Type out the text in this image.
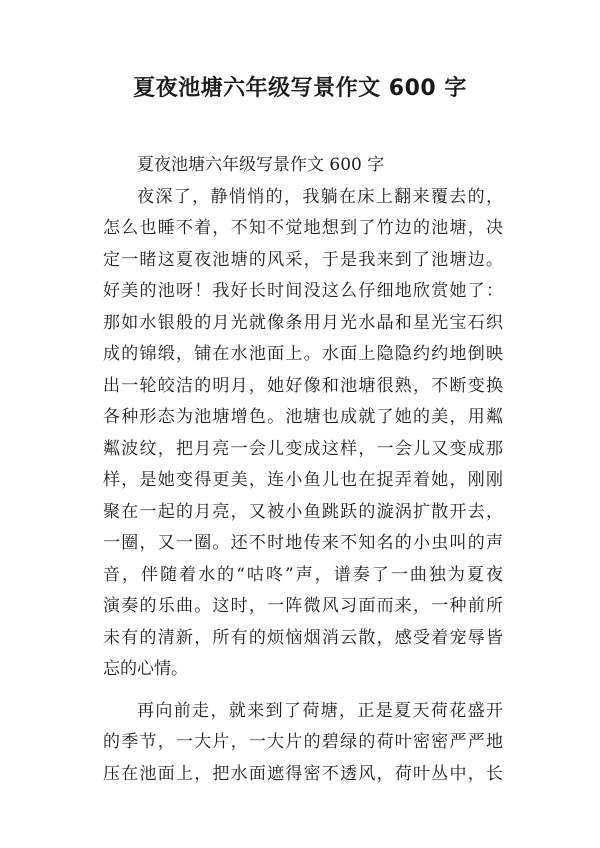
夏夜池塘六年级写景作文 600 字
夏夜池塘六年级写景作文 600 字
夜深了，静悄悄的，我躺在床上翻来覆去的，
怎么也睡不着，不知不觉地想到了竹边的池塘，决
定一睹这夏夜池塘的风采，于是我来到了池塘边。
好美的池呀！我好长时间没这么仔细地欣赏她了：
那如水银般的月光就像条用月光水晶和星光宝石织
成的锦缎，铺在水池面上。水面上隐隐约约地倒映
出一轮皎洁的明月，她好像和池塘很熟，不断变换
各种形态为池塘增色。池塘也成就了她的美，用粼
粼波纹，把月亮一会儿变成这样，一会儿又变成那
样，是她变得更美，连小鱼儿也在捉弄着她，刚刚
聚在一起的月亮，又被小鱼跳跃的漩涡扩散开去，
一圈，又一圈。还不时地传来不知名的小虫叫的声
音，伴随着水的“咕咚”声，谱奏了一曲独为夏夜
演奏的乐曲。这时，一阵微风习面而来，一种前所
未有的清新，所有的烦恼烟消云散，感受着宠辱皆
忘的心情。
再向前走，就来到了荷塘，正是夏天荷花盛开
的季节，一大片，一大片的碧绿的荷叶密密严严地
压在池面上，把水面遮得密不透风，荷叶丛中，长
